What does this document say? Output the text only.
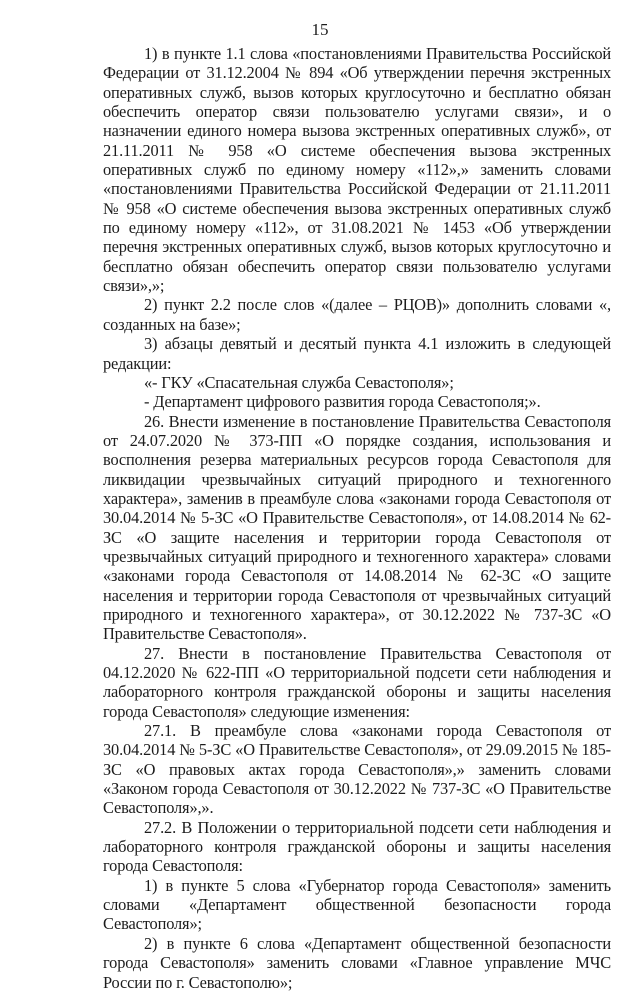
15

1) в пункте 1.1 слова «постановлениями Правительства Российской Федерации от 31.12.2004 № 894 «Об утверждении перечня экстренных оперативных служб, вызов которых круглосуточно и бесплатно обязан обеспечить оператор связи пользователю услугами связи», и о назначении единого номера вызова экстренных оперативных служб», от 21.11.2011 № 958 «О системе обеспечения вызова экстренных оперативных служб по единому номеру «112»,» заменить словами «постановлениями Правительства Российской Федерации от 21.11.2011 № 958 «О системе обеспечения вызова экстренных оперативных служб по единому номеру «112», от 31.08.2021 № 1453 «Об утверждении перечня экстренных оперативных служб, вызов которых круглосуточно и бесплатно обязан обеспечить оператор связи пользователю услугами связи»,»;

2) пункт 2.2 после слов «(далее – РЦОВ)» дополнить словами «, созданных на базе»;

3) абзацы девятый и десятый пункта 4.1 изложить в следующей редакции:

«- ГКУ «Спасательная служба Севастополя»;

- Департамент цифрового развития города Севастополя;».

26. Внести изменение в постановление Правительства Севастополя от 24.07.2020 № 373-ПП «О порядке создания, использования и восполнения резерва материальных ресурсов города Севастополя для ликвидации чрезвычайных ситуаций природного и техногенного характера», заменив в преамбуле слова «законами города Севастополя от 30.04.2014 № 5-ЗС «О Правительстве Севастополя», от 14.08.2014 № 62-ЗС «О защите населения и территории города Севастополя от чрезвычайных ситуаций природного и техногенного характера» словами «законами города Севастополя от 14.08.2014 № 62-ЗС «О защите населения и территории города Севастополя от чрезвычайных ситуаций природного и техногенного характера», от 30.12.2022 № 737-ЗС «О Правительстве Севастополя».

27. Внести в постановление Правительства Севастополя от 04.12.2020 № 622-ПП «О территориальной подсети сети наблюдения и лабораторного контроля гражданской обороны и защиты населения города Севастополя» следующие изменения:

27.1. В преамбуле слова «законами города Севастополя от 30.04.2014 № 5-ЗС «О Правительстве Севастополя», от 29.09.2015 № 185-ЗС «О правовых актах города Севастополя»,» заменить словами «Законом города Севастополя от 30.12.2022 № 737-ЗС «О Правительстве Севастополя»,».

27.2. В Положении о территориальной подсети сети наблюдения и лабораторного контроля гражданской обороны и защиты населения города Севастополя:

1) в пункте 5 слова «Губернатор города Севастополя» заменить словами «Департамент общественной безопасности города Севастополя»;

2) в пункте 6 слова «Департамент общественной безопасности города Севастополя» заменить словами «Главное управление МЧС России по г. Севастополю»;
